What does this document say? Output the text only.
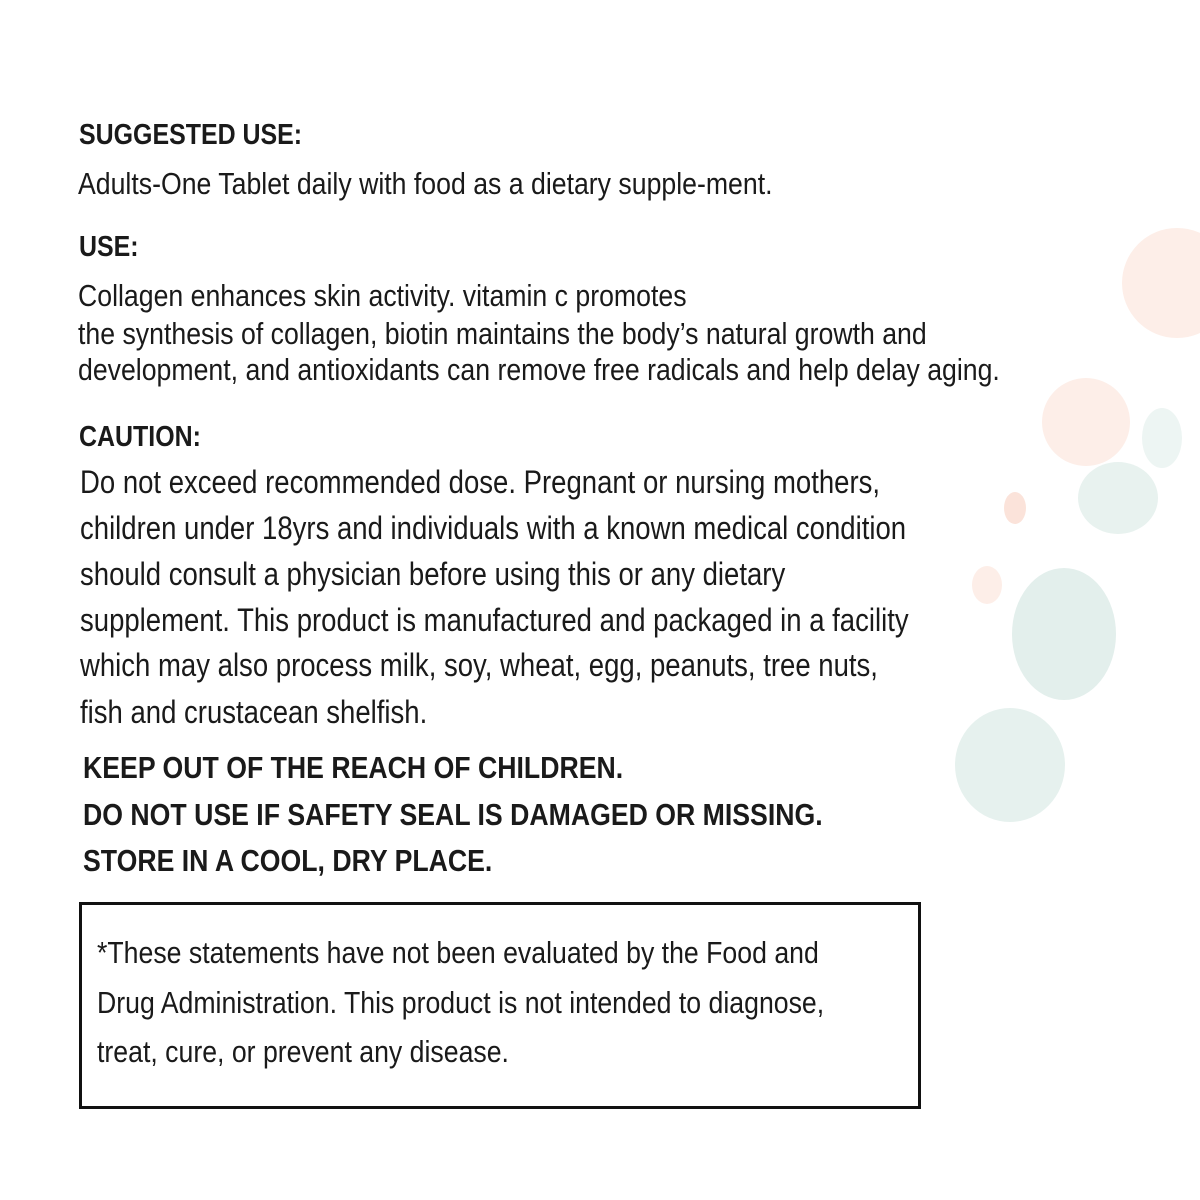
SUGGESTED USE:
Adults-One Tablet daily with food as a dietary supple-ment.
USE:
Collagen enhances skin activity. vitamin c promotes
the synthesis of collagen, biotin maintains the body’s natural growth and
development, and antioxidants can remove free radicals and help delay aging.
CAUTION:
Do not exceed recommended dose. Pregnant or nursing mothers,
children under 18yrs and individuals with a known medical condition
should consult a physician before using this or any dietary
supplement. This product is manufactured and packaged in a facility
which may also process milk, soy, wheat, egg, peanuts, tree nuts,
fish and crustacean shelfish.
KEEP OUT OF THE REACH OF CHILDREN.
DO NOT USE IF SAFETY SEAL IS DAMAGED OR MISSING.
STORE IN A COOL, DRY PLACE.
*These statements have not been evaluated by the Food and
Drug Administration. This product is not intended to diagnose,
treat, cure, or prevent any disease.
